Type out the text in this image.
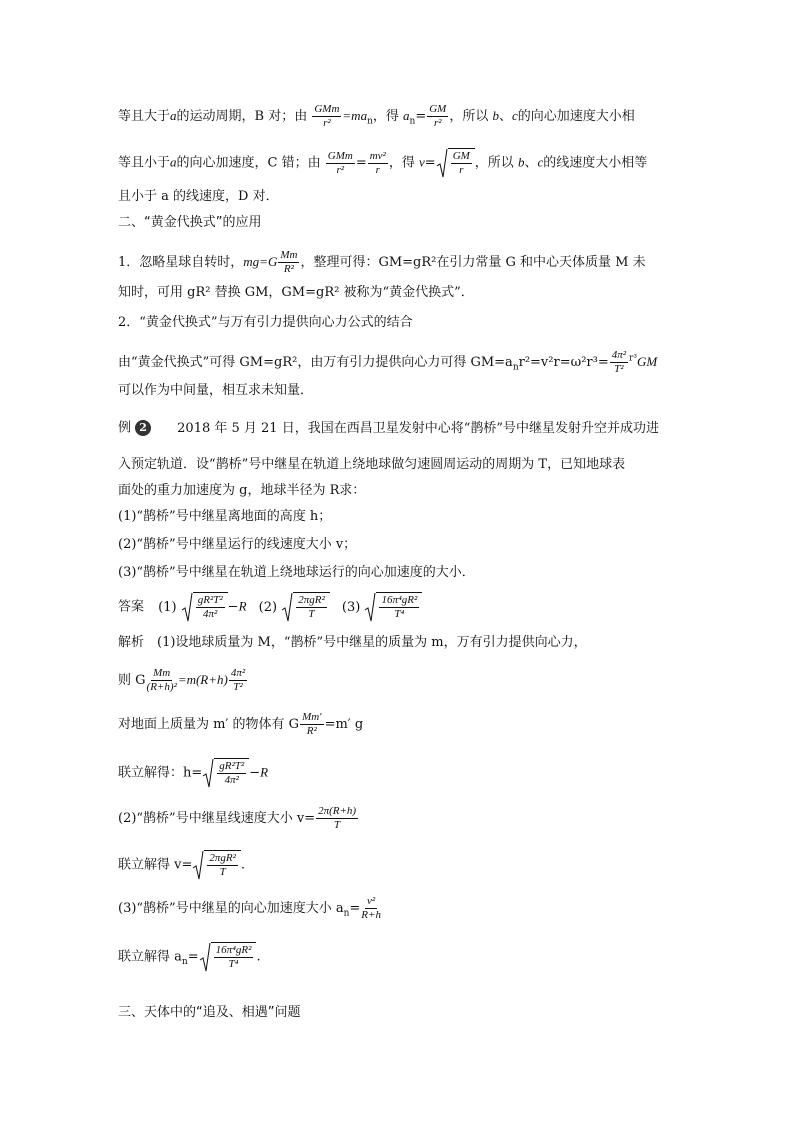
等且大于a的运动周期，B 对；由 $\frac{\text{GMm}}{\text{r²}} =ma_n$，得 $a_n= \frac{GM}{\text{r²}}$ ，所以 b、c的向心加速度大小相
等且小于a的向心加速度，C 错；由 $\frac{\text{GMm}}{\text{r²}} = \frac{\text{mv²}}{r}$ ，得 $v= \frac{GM}{r}$ ，所以 b、c的线速度大小相等
且小于 a 的线速度，D 对．
二、“黄金代换式”的应用
1．忽略星球自转时，$mg=G \frac{Mm}{\text{R²}}$ ，整理可得：GM=gR²在引力常量 G 和中心天体质量 M 未
知时，可用 gR² 替换 GM，GM=gR² 被称为“黄金代换式”．
2．“黄金代换式”与万有引力提供向心力公式的结合
由“黄金代换式”可得 GM=gR²，由万有引力提供向心力可得 $GM=a_nr^2=v^2r=\omega^2r^3= \frac{\text{4π²}}{\text{T²}} ^{r^3}GM$
可以作为中间量，相互求未知量．
例 2 2018 年 5 月 21 日，我国在西昌卫星发射中心将“鹊桥”号中继星发射升空并成功进
入预定轨道．设“鹊桥”号中继星在轨道上绕地球做匀速圆周运动的周期为 T，已知地球表
面处的重力加速度为 g，地球半径为 R求：
(1)“鹊桥”号中继星离地面的高度 h；
(2)“鹊桥”号中继星运行的线速度大小 v；
(3)“鹊桥”号中继星在轨道上绕地球运行的向心加速度的大小．
答案 $(1) \frac{\text{gR²T²}}{\text{4π²}} -R$ $(2) \frac{\text{2πgR²}}{T} (3) \frac{\text{16π⁴gR²}}{\text{T⁴}}$
解析　(1)设地球质量为 M，“鹊桥”号中继星的质量为 m，万有引力提供向心力，
则 G $\frac{Mm}{\text{(R+h)²}} =m(R+h) \frac{\text{4π²}}{\text{T²}}$
对地面上质量为 m′ 的物体有 G $\frac{Mm'}{\text{R²}} =m'$ g
联立解得：$h= \frac{\text{gR²T²}}{\text{4π²}} -R$
(2)“鹊桥”号中继星线速度大小 $v= \frac{2\pi(R+h)}{T}$
联立解得 $v= \frac{\text{2πgR²}}{T}$ .
(3)“鹊桥”号中继星的向心加速度大小 $a_n= \frac{\text{v²}}{R+h}$
联立解得 $a_n= \frac{\text{16π⁴gR²}}{\text{T⁴}}$ .
三、天体中的“追及、相遇”问题
